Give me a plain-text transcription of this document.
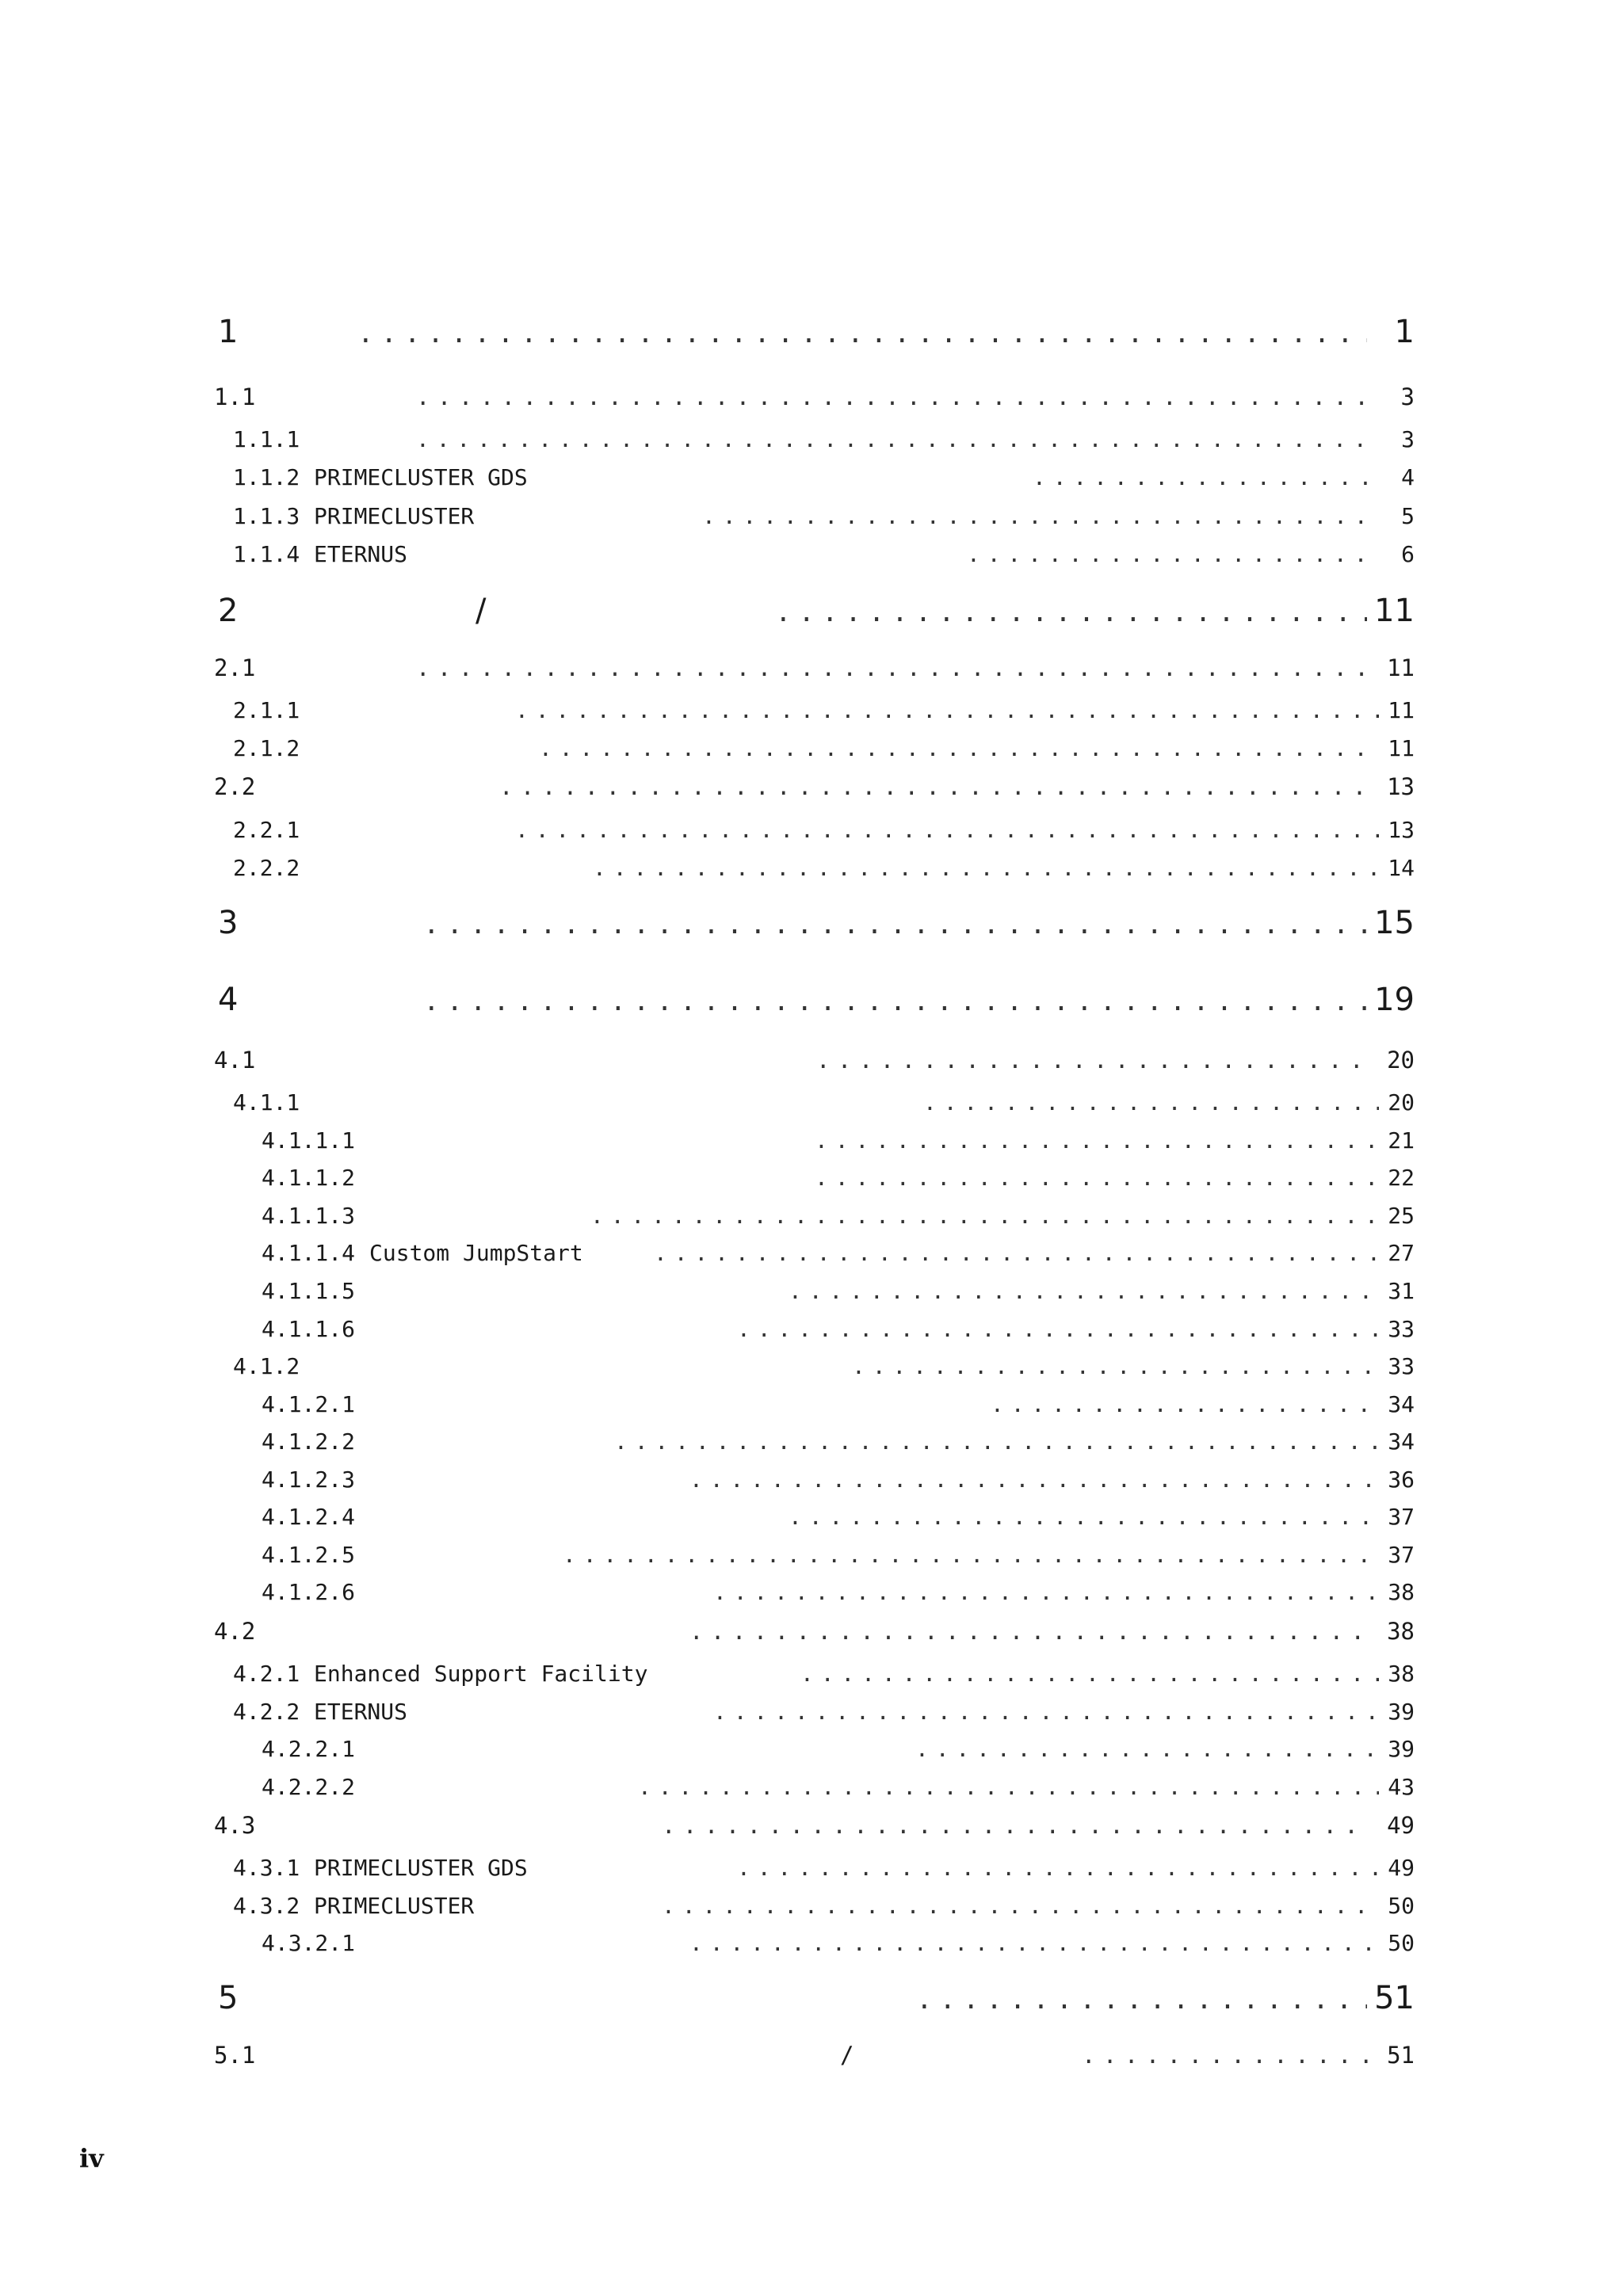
1 . . .	1
1.1 . . .	3
1.1.1 . . .	3
1.1.2 PRIMECLUSTER GDS . . .	4
1.1.3 PRIMECLUSTER . . .	5
1.1.4 ETERNUS . . .	6
2	/ . . .	11
2.1 . . .	11
2.1.1 . . .	11
2.1.2 . . .	11
2.2 . . .	13
2.2.1 . . .	13
2.2.2 . . .	14
3 . . .	15
4 . . .	19
4.1 . . .	20
4.1.1 . . .	20
4.1.1.1 . . .	21
4.1.1.2 . . .	22
4.1.1.3 . . .	25
4.1.1.4 Custom JumpStart . . .	27
4.1.1.5 . . .	31
4.1.1.6 . . .	33
4.1.2 . . .	33
4.1.2.1 . . .	34
4.1.2.2 . . .	34
4.1.2.3 . . .	36
4.1.2.4 . . .	37
4.1.2.5 . . .	37
4.1.2.6 . . .	38
4.2 . . .	38
4.2.1 Enhanced Support Facility . . .	38
4.2.2 ETERNUS . . .	39
4.2.2.1 . . .	39
4.2.2.2 . . .	43
4.3 . . .	49
4.3.1 PRIMECLUSTER GDS . . .	49
4.3.2 PRIMECLUSTER . . .	50
4.3.2.1 . . .	50
5 . . .	51
5.1	/ . . .	51
iv
